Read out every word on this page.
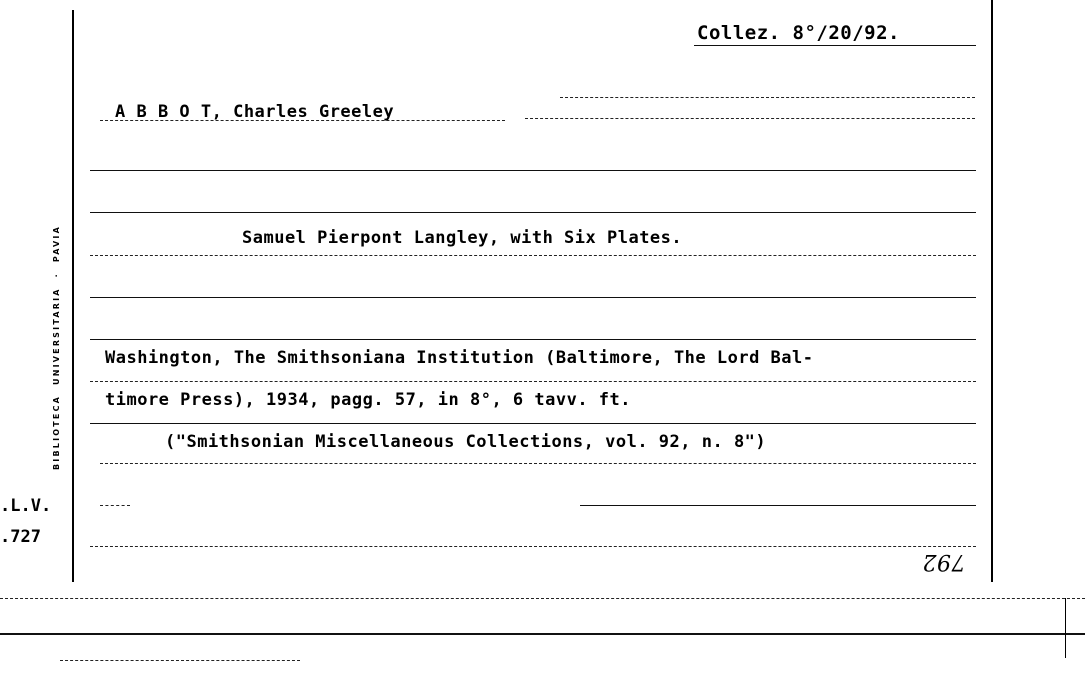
BIBLIOTECA  UNIVERSITARIA  ·  PAVIA
.L.V.
.727
Collez. 8°/20/92.
A B B O T, Charles Greeley
Samuel Pierpont Langley, with Six Plates.
Washington, The Smithsoniana Institution (Baltimore, The Lord Bal-
timore Press), 1934, pagg. 57, in 8°, 6 tavv. ft.
("Smithsonian Miscellaneous Collections, vol. 92, n. 8")
792
